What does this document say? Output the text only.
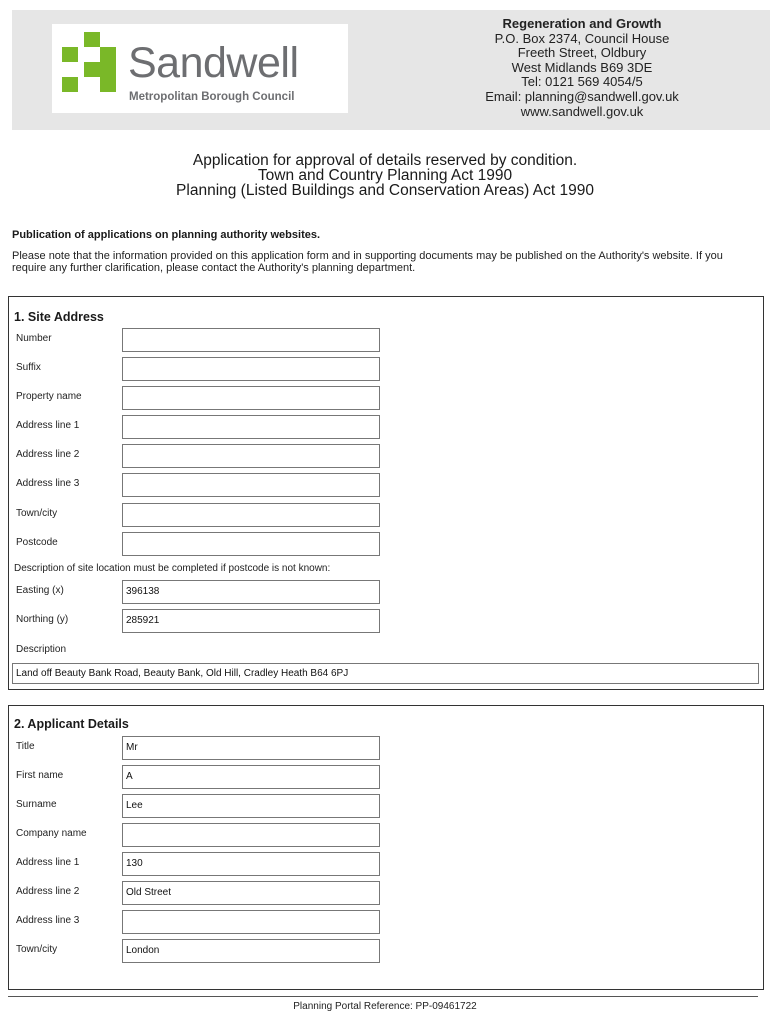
Sandwell
Metropolitan Borough Council
Regeneration and Growth
P.O. Box 2374, Council House
Freeth Street, Oldbury
West Midlands B69 3DE
Tel: 0121 569 4054/5
Email: planning@sandwell.gov.uk
www.sandwell.gov.uk
Application for approval of details reserved by condition.
Town and Country Planning Act 1990
Planning (Listed Buildings and Conservation Areas) Act 1990
Publication of applications on planning authority websites.
Please note that the information provided on this application form and in supporting documents may be published on the Authority's website. If you require any further clarification, please contact the Authority's planning department.
1. Site Address
Number
Suffix
Property name
Address line 1
Address line 2
Address line 3
Town/city
Postcode
Description of site location must be completed if postcode is not known:
Easting (x)	396138
Northing (y)	285921
Description
Land off Beauty Bank Road, Beauty Bank, Old Hill, Cradley Heath B64 6PJ
2. Applicant Details
Title	Mr
First name	A
Surname	Lee
Company name
Address line 1	130
Address line 2	Old Street
Address line 3
Town/city	London
Planning Portal Reference: PP-09461722
